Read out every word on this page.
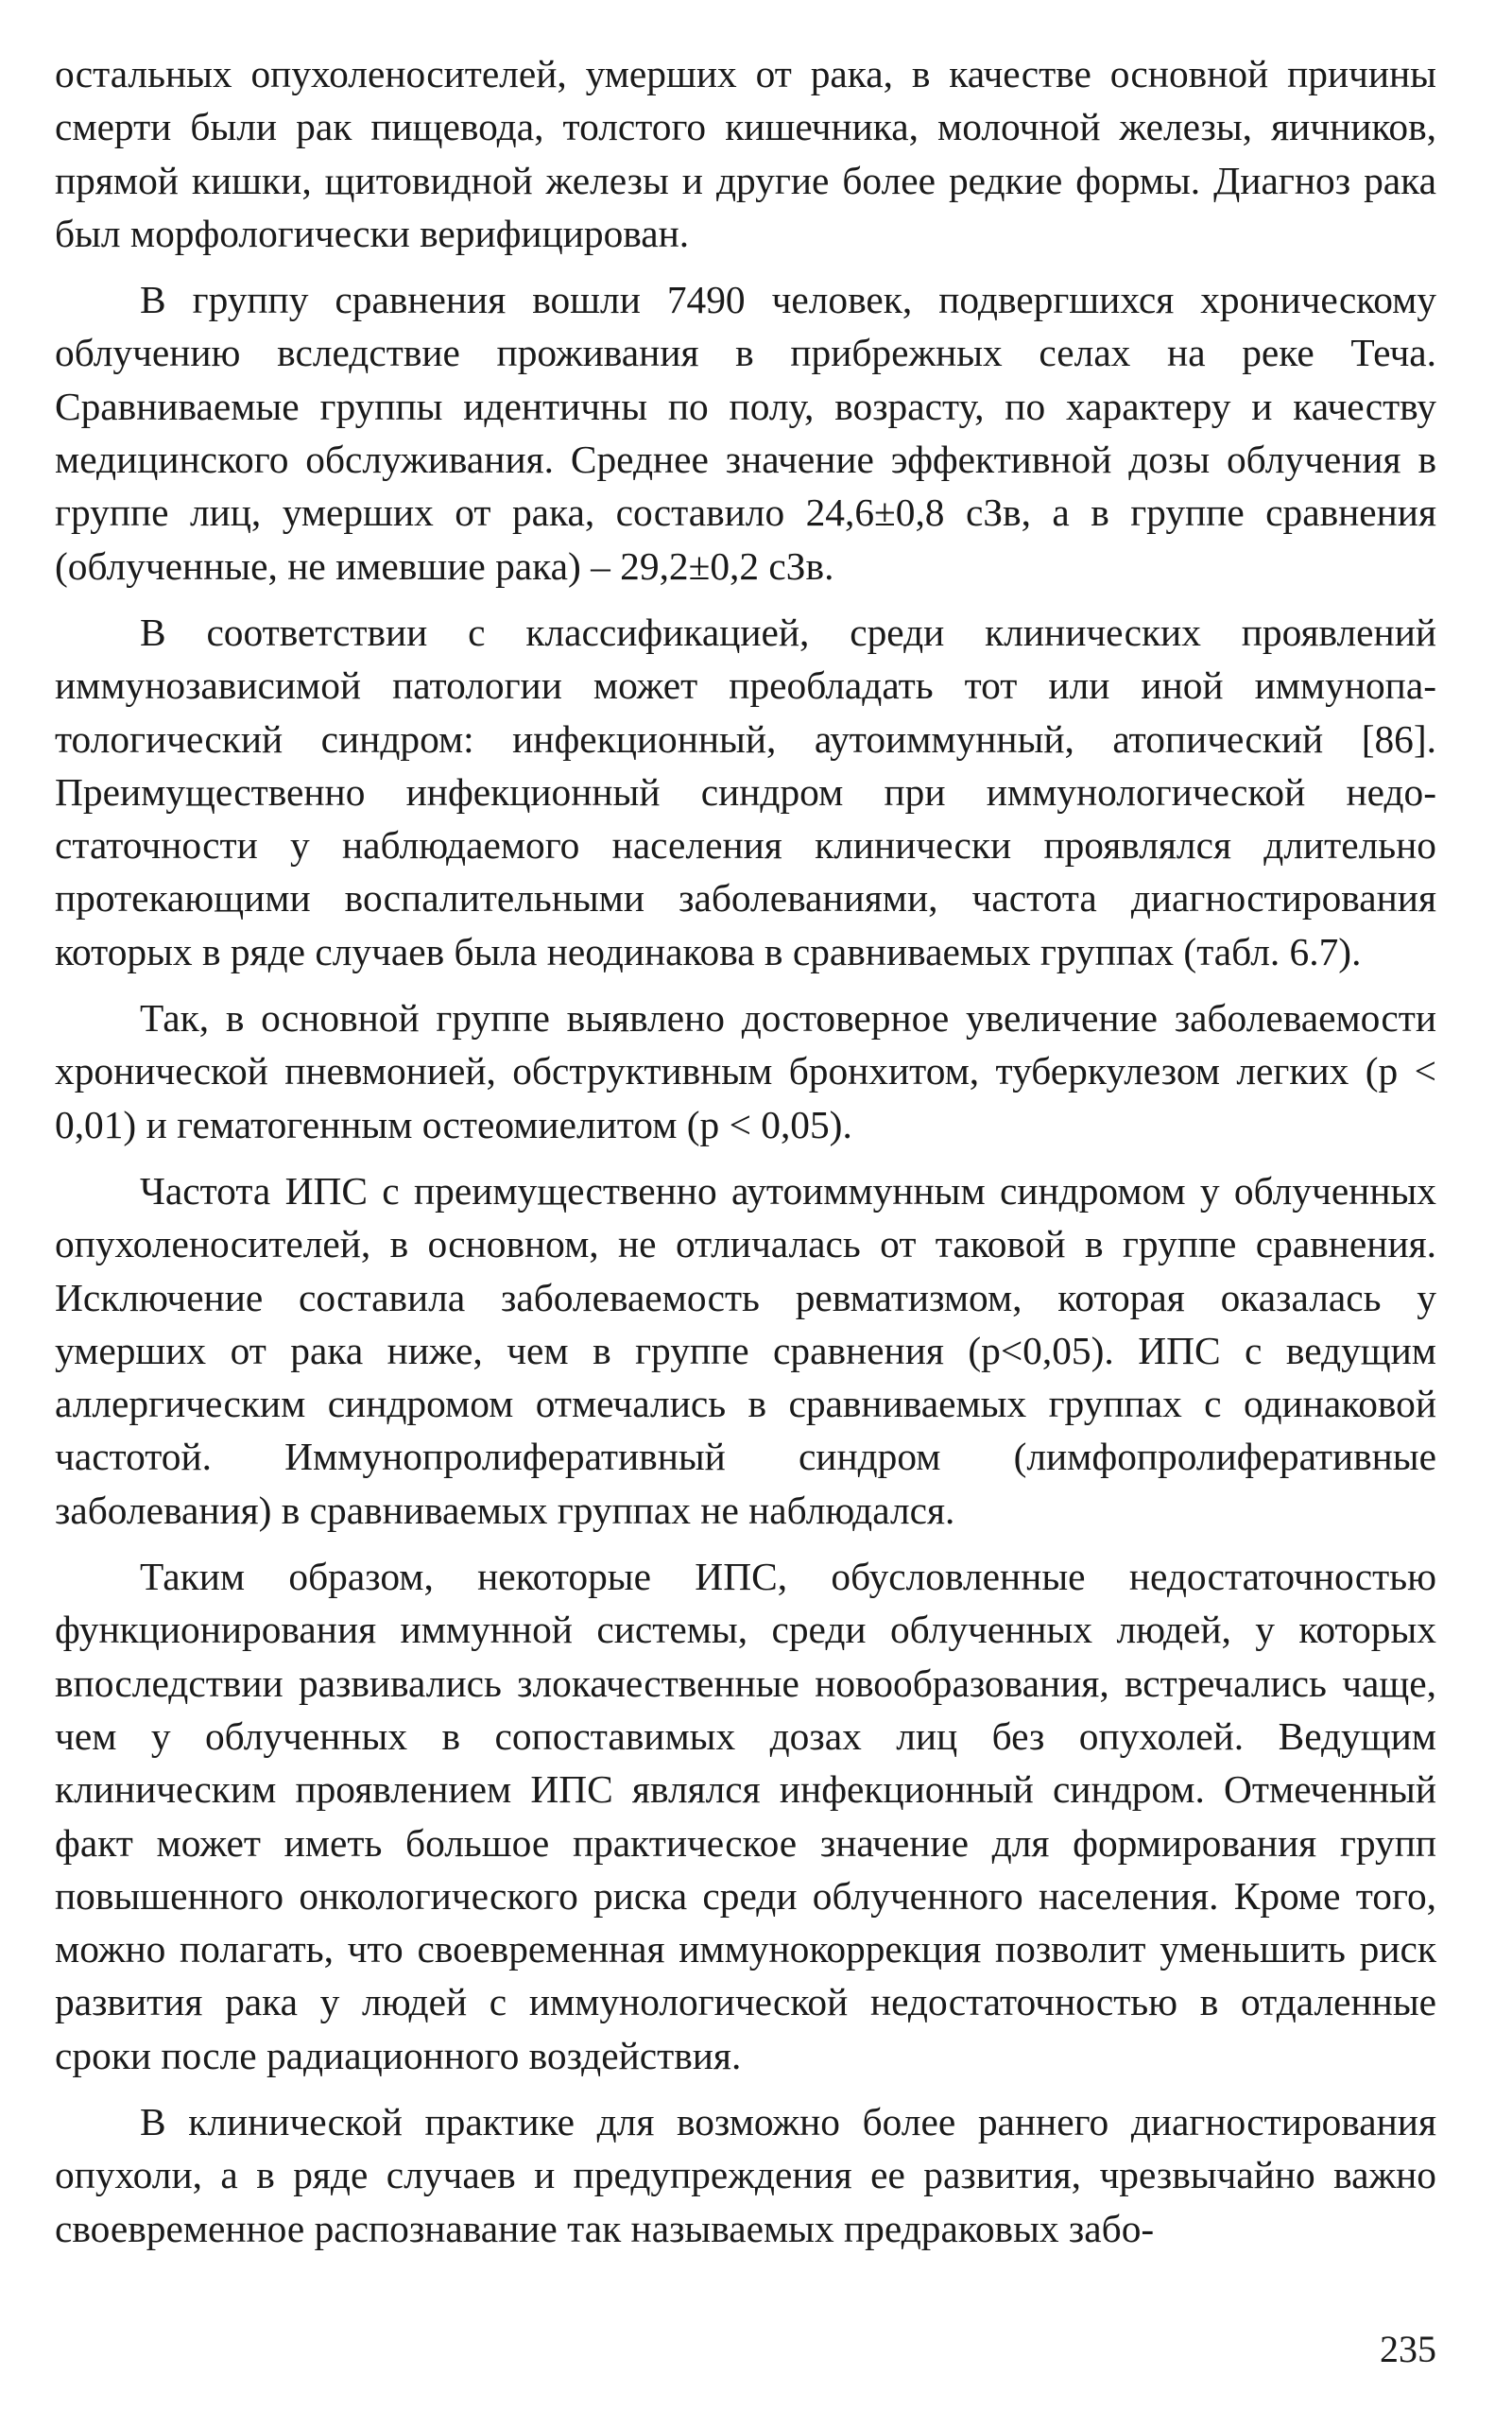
остальных опухоленосителей, умерших от рака, в качестве основной причины смерти были рак пищевода, толстого кишечника, молочной железы, яичников, прямой кишки, щитовидной железы и другие более редкие формы. Диагноз рака был морфологически верифицирован.

В группу сравнения вошли 7490 человек, подвергшихся хроническому облучению вследствие проживания в прибрежных селах на реке Теча. Сравниваемые группы идентичны по полу, возрасту, по характеру и качеству медицинского обслуживания. Среднее значение эффективной дозы облучения в группе лиц, умерших от рака, составило 24,6±0,8 сЗв, а в группе сравнения (облученные, не имевшие рака) – 29,2±0,2 сЗв.

В соответствии с классификацией, среди клинических проявлений иммунозависимой патологии может преобладать тот или иной иммунопатологический синдром: инфекционный, аутоиммунный, атопический [86]. Преимущественно инфекционный синдром при иммунологической недостаточности у наблюдаемого населения клинически проявлялся длительно протекающими воспалительными заболеваниями, частота диагностирования которых в ряде случаев была неодинакова в сравниваемых группах (табл. 6.7).

Так, в основной группе выявлено достоверное увеличение заболеваемости хронической пневмонией, обструктивным бронхитом, туберкулезом легких (p < 0,01) и гематогенным остеомиелитом (p < 0,05).

Частота ИПС с преимущественно аутоиммунным синдромом у облученных опухоленосителей, в основном, не отличалась от таковой в группе сравнения. Исключение составила заболеваемость ревматизмом, которая оказалась у умерших от рака ниже, чем в группе сравнения (p<0,05). ИПС с ведущим аллергическим синдромом отмечались в сравниваемых группах с одинаковой частотой. Иммунопролиферативный синдром (лимфопролиферативные заболевания) в сравниваемых группах не наблюдался.

Таким образом, некоторые ИПС, обусловленные недостаточностью функционирования иммунной системы, среди облученных людей, у которых впоследствии развивались злокачественные новообразования, встречались чаще, чем у облученных в сопоставимых дозах лиц без опухолей. Ведущим клиническим проявлением ИПС являлся инфекционный синдром. Отмеченный факт может иметь большое практическое значение для формирования групп повышенного онкологического риска среди облученного населения. Кроме того, можно полагать, что своевременная иммунокоррекция позволит уменьшить риск развития рака у людей с иммунологической недостаточностью в отдаленные сроки после радиационного воздействия.

В клинической практике для возможно более раннего диагностирования опухоли, а в ряде случаев и предупреждения ее развития, чрезвычайно важно своевременное распознавание так называемых предраковых забо-

235
